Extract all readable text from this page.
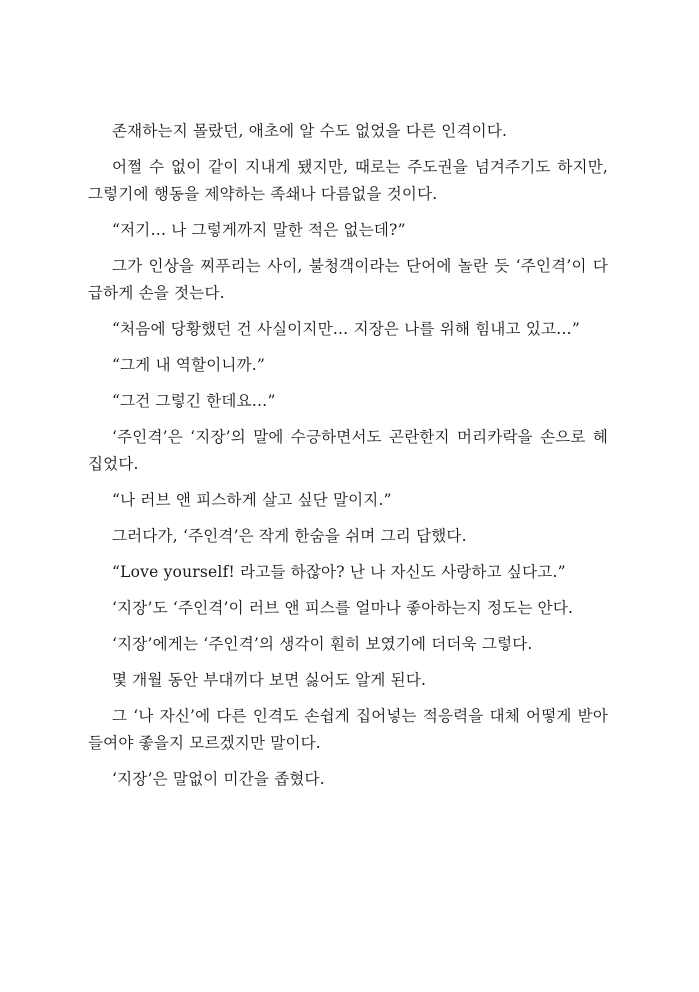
존재하는지 몰랐던, 애초에 알 수도 없었을 다른 인격이다.

어쩔 수 없이 같이 지내게 됐지만, 때로는 주도권을 넘겨주기도 하지만, 그렇기에 행동을 제약하는 족쇄나 다름없을 것이다.

“저기… 나 그렇게까지 말한 적은 없는데?”

그가 인상을 찌푸리는 사이, 불청객이라는 단어에 놀란 듯 ‘주인격’이 다급하게 손을 젓는다.

“처음에 당황했던 건 사실이지만… 지장은 나를 위해 힘내고 있고…”

“그게 내 역할이니까.”

“그건 그렇긴 한데요…”

‘주인격’은 ‘지장’의 말에 수긍하면서도 곤란한지 머리카락을 손으로 헤집었다.

“나 러브 앤 피스하게 살고 싶단 말이지.”

그러다가, ‘주인격’은 작게 한숨을 쉬며 그리 답했다.

“Love yourself! 라고들 하잖아? 난 나 자신도 사랑하고 싶다고.”

‘지장’도 ‘주인격’이 러브 앤 피스를 얼마나 좋아하는지 정도는 안다.

‘지장’에게는 ‘주인격’의 생각이 훤히 보였기에 더더욱 그렇다.

몇 개월 동안 부대끼다 보면 싫어도 알게 된다.

그 ‘나 자신’에 다른 인격도 손쉽게 집어넣는 적응력을 대체 어떻게 받아들여야 좋을지 모르겠지만 말이다.

‘지장’은 말없이 미간을 좁혔다.
